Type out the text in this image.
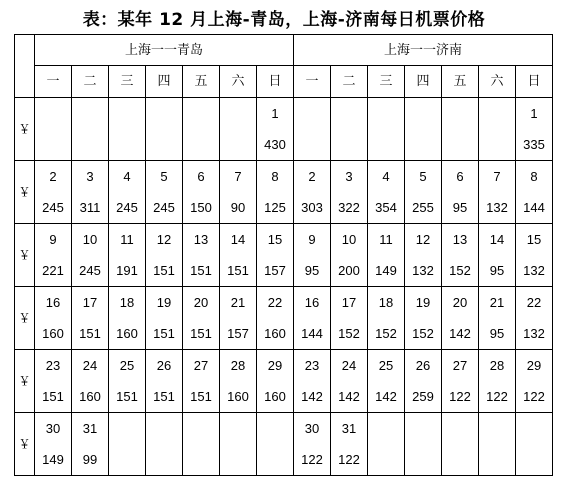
表：某年 12 月上海-青岛，上海-济南每日机票价格
	上海一一青岛							上海一一济南						
	一	二	三	四	五	六	日	一	二	三	四	五	六	日
￥							1							1
							430							335
￥	2	3	4	5	6	7	8	2	3	4	5	6	7	8
	245	311	245	245	150	90	125	303	322	354	255	95	132	144
￥	9	10	11	12	13	14	15	9	10	11	12	13	14	15
	221	245	191	151	151	151	157	95	200	149	132	152	95	132
￥	16	17	18	19	20	21	22	16	17	18	19	20	21	22
	160	151	160	151	151	157	160	144	152	152	152	142	95	132
￥	23	24	25	26	27	28	29	23	24	25	26	27	28	29
	151	160	151	151	151	160	160	142	142	142	259	122	122	122
￥	30	31						30	31					
	149	99						122	122					
